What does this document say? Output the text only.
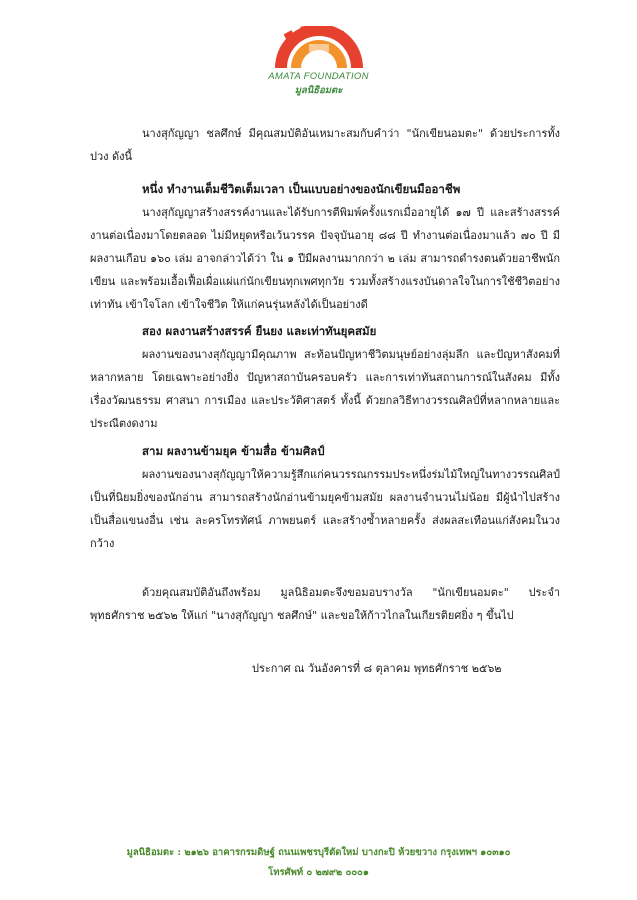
AMATA FOUNDATION
มูลนิธิอมตะ

นางสุกัญญา ชลศึกษ์ มีคุณสมบัติอันเหมาะสมกับคำว่า "นักเขียนอมตะ" ด้วยประการทั้งปวง ดังนี้

หนึ่ง ทำงานเต็มชีวิตเต็มเวลา เป็นแบบอย่างของนักเขียนมืออาชีพ

นางสุกัญญาสร้างสรรค์งานและได้รับการตีพิมพ์ครั้งแรกเมื่ออายุได้ ๑๗ ปี และสร้างสรรค์งานต่อเนื่องมาโดยตลอด ไม่มีหยุดหรือเว้นวรรค ปัจจุบันอายุ ๘๘ ปี ทำงานต่อเนื่องมาแล้ว ๗๐ ปี มีผลงานเกือบ ๑๖๐ เล่ม อาจกล่าวได้ว่า ใน ๑ ปีมีผลงานมากกว่า ๒ เล่ม สามารถดำรงตนด้วยอาชีพนักเขียน และพร้อมเอื้อเฟื้อเผื่อแผ่แก่นักเขียนทุกเพศทุกวัย รวมทั้งสร้างแรงบันดาลใจในการใช้ชีวิตอย่างเท่าทัน เข้าใจโลก เข้าใจชีวิต ให้แก่คนรุ่นหลังได้เป็นอย่างดี

สอง ผลงานสร้างสรรค์ ยืนยง และเท่าทันยุคสมัย

ผลงานของนางสุกัญญามีคุณภาพ สะท้อนปัญหาชีวิตมนุษย์อย่างลุ่มลึก และปัญหาสังคมที่หลากหลาย โดยเฉพาะอย่างยิ่ง ปัญหาสถาบันครอบครัว และการเท่าทันสถานการณ์ในสังคม มีทั้งเรื่องวัฒนธรรม ศาสนา การเมือง และประวัติศาสตร์ ทั้งนี้ ด้วยกลวิธีทางวรรณศิลป์ที่หลากหลายและประณีตงดงาม

สาม ผลงานข้ามยุค ข้ามสื่อ ข้ามศิลป์

ผลงานของนางสุกัญญาให้ความรู้สึกแก่คนวรรณกรรมประหนึ่งร่มไม้ใหญ่ในทางวรรณศิลป์เป็นที่นิยมยิ่งของนักอ่าน สามารถสร้างนักอ่านข้ามยุคข้ามสมัย ผลงานจำนวนไม่น้อย มีผู้นำไปสร้างเป็นสื่อแขนงอื่น เช่น ละครโทรทัศน์ ภาพยนตร์ และสร้างซ้ำหลายครั้ง ส่งผลสะเทือนแก่สังคมในวงกว้าง

ด้วยคุณสมบัติอันถึงพร้อม มูลนิธิอมตะจึงขอมอบรางวัล "นักเขียนอมตะ" ประจำพุทธศักราช ๒๕๖๒ ให้แก่ "นางสุกัญญา ชลศึกษ์" และขอให้ก้าวไกลในเกียรติยศยิ่ง ๆ ขึ้นไป

ประกาศ ณ วันอังคารที่ ๘ ตุลาคม พุทธศักราช ๒๕๖๒

มูลนิธิอมตะ : ๒๑๒๖ อาคารกรมดิษฐ์ ถนนเพชรบุรีตัดใหม่ บางกะปิ ห้วยขวาง กรุงเทพฯ ๑๐๓๑๐
โทรศัพท์ ๐ ๒๗๙๒ ๐๐๐๑
